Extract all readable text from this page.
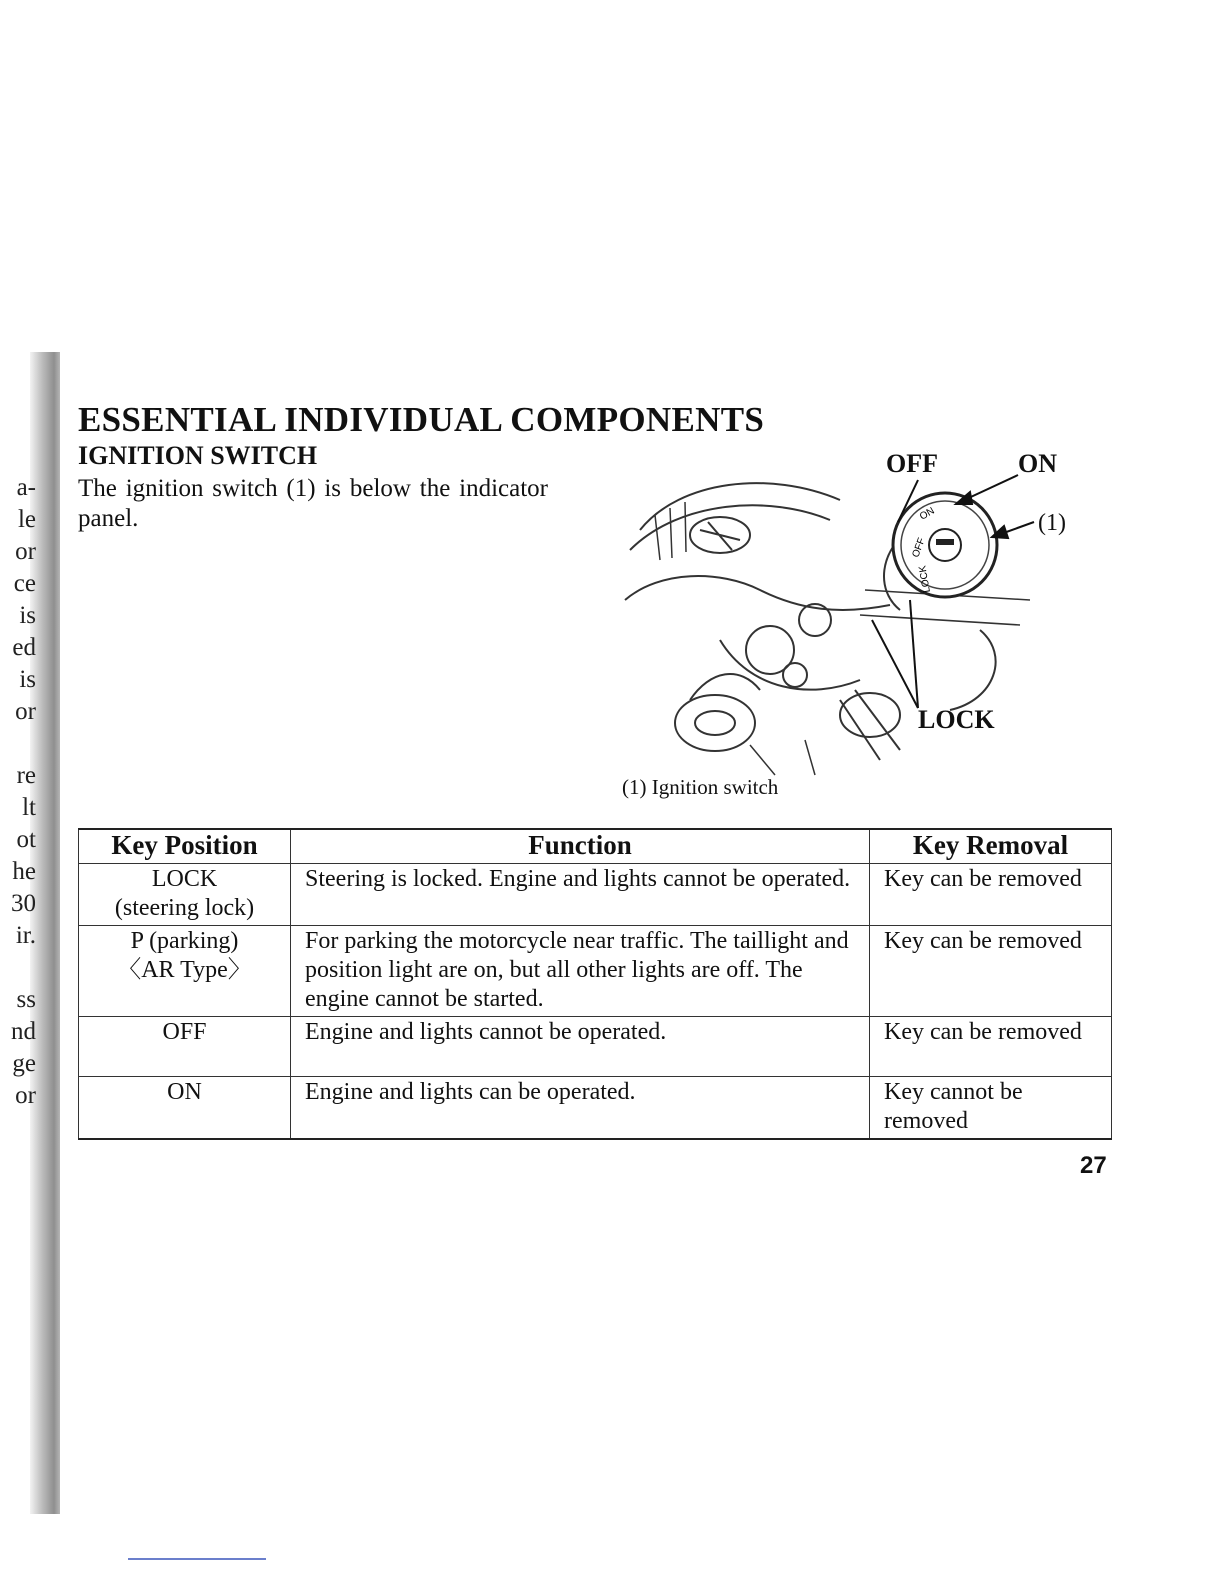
a-
le
or
ce
is
ed
is
or
re
lt
ot
he
30
ir.
ss
nd
ge
or
ESSENTIAL INDIVIDUAL COMPONENTS
IGNITION SWITCH

The ignition switch (1) is below the indicator panel.	ON
OFF
LOCK
OFF	ON
LOCK
(1)

(1) Ignition switch

Key Position	Function	Key Removal

LOCK
(steering lock)	Steering is locked. Engine and lights cannot be operated.	Key can be removed

P (parking)
〈AR Type〉	For parking the motorcycle near traffic. The taillight and position light are on, but all other lights are off. The engine cannot be started.	Key can be removed

OFF	Engine and lights cannot be operated.	Key can be removed

ON	Engine and lights can be operated.	Key cannot be removed

27
